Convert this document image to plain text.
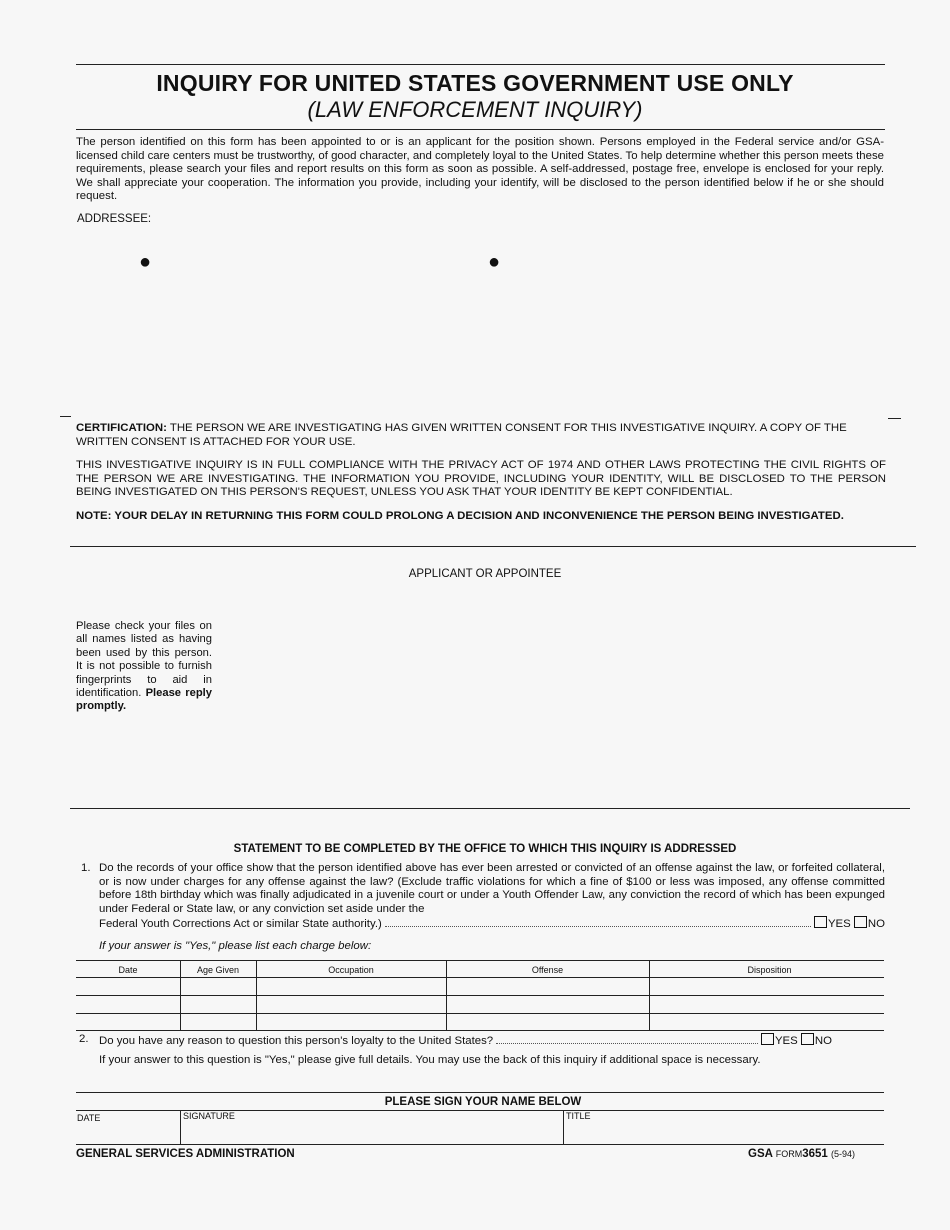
INQUIRY FOR UNITED STATES GOVERNMENT USE ONLY
(LAW ENFORCEMENT INQUIRY)
The person identified on this form has been appointed to or is an applicant for the position shown. Persons employed in the Federal service and/or GSA-licensed child care centers must be trustworthy, of good character, and completely loyal to the United States. To help determine whether this person meets these requirements, please search your files and report results on this form as soon as possible. A self-addressed, postage free, envelope is enclosed for your reply. We shall appreciate your cooperation. The information you provide, including your identify, will be disclosed to the person identified below if he or she should request.
ADDRESSEE:
●	●
CERTIFICATION: THE PERSON WE ARE INVESTIGATING HAS GIVEN WRITTEN CONSENT FOR THIS INVESTIGATIVE INQUIRY. A COPY OF THE WRITTEN CONSENT IS ATTACHED FOR YOUR USE.
THIS INVESTIGATIVE INQUIRY IS IN FULL COMPLIANCE WITH THE PRIVACY ACT OF 1974 AND OTHER LAWS PROTECTING THE CIVIL RIGHTS OF THE PERSON WE ARE INVESTIGATING. THE INFORMATION YOU PROVIDE, INCLUDING YOUR IDENTITY, WILL BE DISCLOSED TO THE PERSON BEING INVESTIGATED ON THIS PERSON'S REQUEST, UNLESS YOU ASK THAT YOUR IDENTITY BE KEPT CONFIDENTIAL.
NOTE: YOUR DELAY IN RETURNING THIS FORM COULD PROLONG A DECISION AND INCONVENIENCE THE PERSON BEING INVESTIGATED.
APPLICANT OR APPOINTEE
Please check your files on all names listed as having been used by this person. It is not possible to furnish fingerprints to aid in identification. Please reply promptly.
STATEMENT TO BE COMPLETED BY THE OFFICE TO WHICH THIS INQUIRY IS ADDRESSED
1. Do the records of your office show that the person identified above has ever been arrested or convicted of an offense against the law, or forfeited collateral, or is now under charges for any offense against the law? (Exclude traffic violations for which a fine of $100 or less was imposed, any offense committed before 18th birthday which was finally adjudicated in a juvenile court or under a Youth Offender Law, any conviction the record of which has been expunged under Federal or State law, or any conviction set aside under the
Federal Youth Corrections Act or similar State authority.)	YES NO
If your answer is "Yes," please list each charge below:
Date	Age Given	Occupation	Offense	Disposition
2. Do you have any reason to question this person's loyalty to the United States?	YES NO
If your answer to this question is "Yes," please give full details. You may use the back of this inquiry if additional space is necessary.
PLEASE SIGN YOUR NAME BELOW
DATE	SIGNATURE	TITLE
GENERAL SERVICES ADMINISTRATION	GSA FORM3651 (5-94)
